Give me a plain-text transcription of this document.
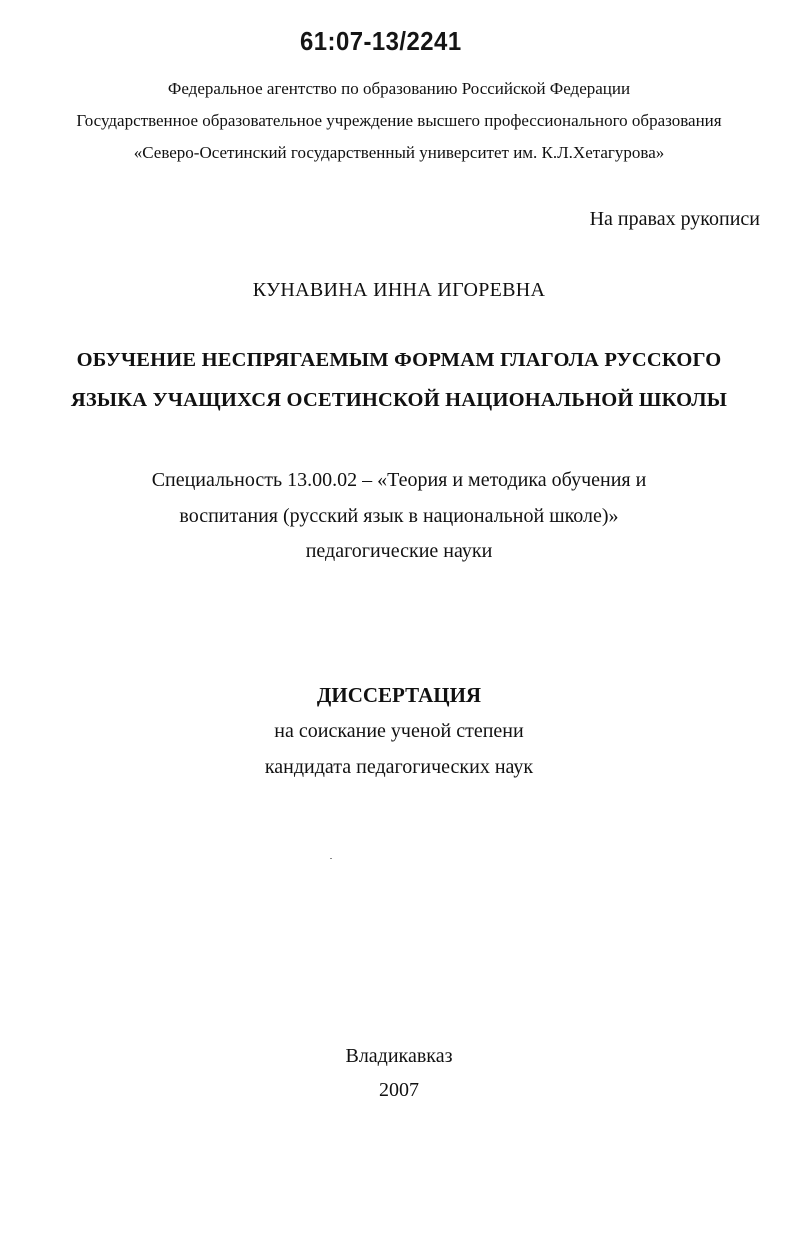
61:07-13/2241
Федеральное агентство по образованию Российской Федерации
Государственное образовательное учреждение высшего профессионального образования
«Северо-Осетинский государственный университет им. К.Л.Хетагурова»
На правах рукописи
КУНАВИНА ИННА ИГОРЕВНА
ОБУЧЕНИЕ НЕСПРЯГАЕМЫМ ФОРМАМ ГЛАГОЛА РУССКОГО
ЯЗЫКА УЧАЩИХСЯ ОСЕТИНСКОЙ НАЦИОНАЛЬНОЙ ШКОЛЫ
Специальность 13.00.02 – «Теория и методика обучения и
воспитания (русский язык в национальной школе)»
педагогические науки
ДИССЕРТАЦИЯ
на соискание ученой степени
кандидата педагогических наук
Владикавказ
2007
